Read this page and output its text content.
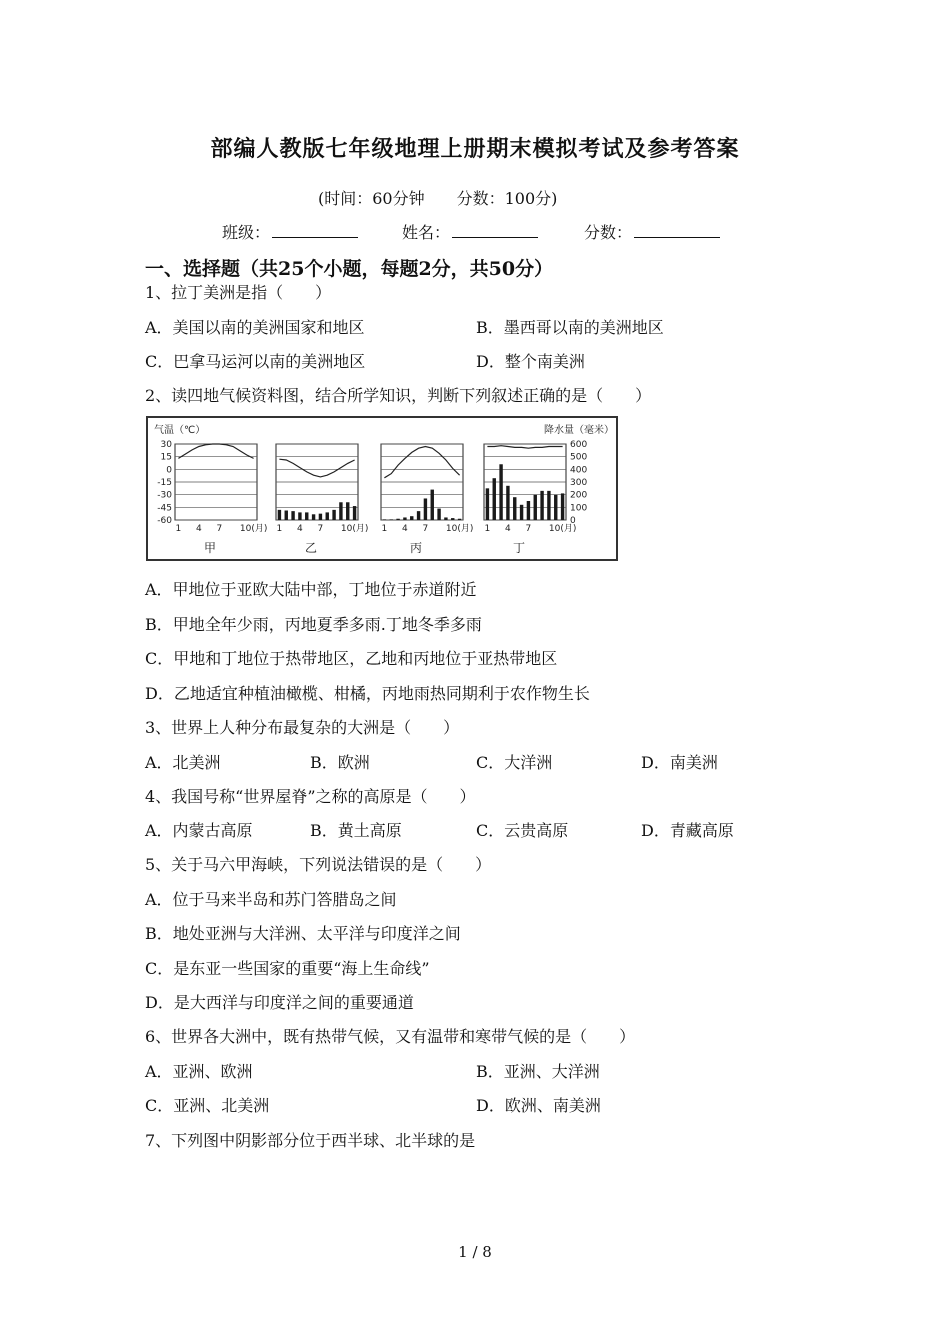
部编人教版七年级地理上册期末模拟考试及参考答案
(时间：60分钟　　分数：100分)
班级：	姓名：	分数：
一、选择题（共25个小题，每题2分，共50分）
1、拉丁美洲是指（　　）
A．美国以南的美洲国家和地区	B．墨西哥以南的美洲地区
C．巴拿马运河以南的美洲地区	D．整个南美洲
2、读四地气候资料图，结合所学知识，判断下列叙述正确的是（　　）
气温（℃）	降水量（毫米）
30
15
0
-15
-30
-45
-60
600
500
400
300
200
100
0
1 4 7 10(月)
甲
1 4 7 10(月)
乙
1 4 7 10(月)
丙
1 4 7 10(月)
丁
A．甲地位于亚欧大陆中部，丁地位于赤道附近
B．甲地全年少雨，丙地夏季多雨.丁地冬季多雨
C．甲地和丁地位于热带地区，乙地和丙地位于亚热带地区
D．乙地适宜种植油橄榄、柑橘，丙地雨热同期利于农作物生长
3、世界上人种分布最复杂的大洲是（　　）
A．北美洲	B．欧洲	C．大洋洲	D．南美洲
4、我国号称“世界屋脊”之称的高原是（　　）
A．内蒙古高原	B．黄土高原	C．云贵高原	D．青藏高原
5、关于马六甲海峡，下列说法错误的是（　　）
A．位于马来半岛和苏门答腊岛之间
B．地处亚洲与大洋洲、太平洋与印度洋之间
C．是东亚一些国家的重要“海上生命线”
D．是大西洋与印度洋之间的重要通道
6、世界各大洲中，既有热带气候，又有温带和寒带气候的是（　　）
A．亚洲、欧洲	B．亚洲、大洋洲
C．亚洲、北美洲	D．欧洲、南美洲
7、下列图中阴影部分位于西半球、北半球的是
1 / 8
